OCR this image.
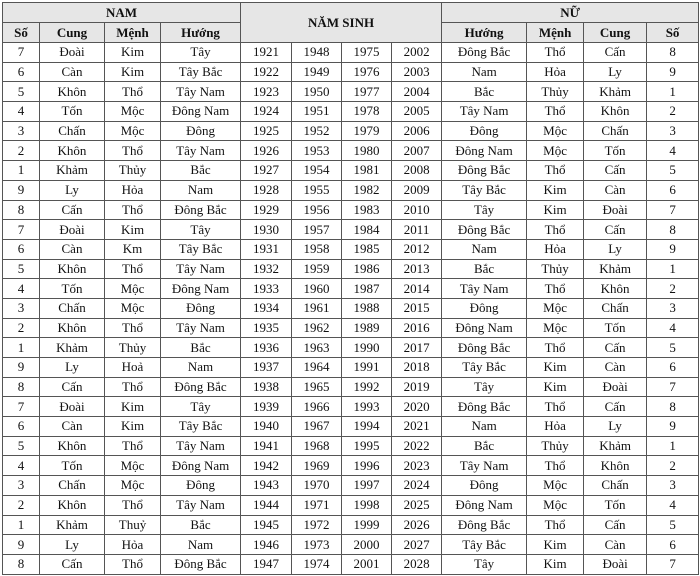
NAM				NĂM SINH				NỮ			
Số	Cung	Mệnh	Hướng					Hướng	Mệnh	Cung	Số
7	Đoài	Kim	Tây	1921	1948	1975	2002	Đông Bắc	Thổ	Cấn	8
6	Càn	Kim	Tây Bắc	1922	1949	1976	2003	Nam	Hỏa	Ly	9
5	Khôn	Thổ	Tây Nam	1923	1950	1977	2004	Bắc	Thủy	Khảm	1
4	Tốn	Mộc	Đông Nam	1924	1951	1978	2005	Tây Nam	Thổ	Khôn	2
3	Chấn	Mộc	Đông	1925	1952	1979	2006	Đông	Mộc	Chấn	3
2	Khôn	Thổ	Tây Nam	1926	1953	1980	2007	Đông Nam	Mộc	Tốn	4
1	Khảm	Thủy	Bắc	1927	1954	1981	2008	Đông Bắc	Thổ	Cấn	5
9	Ly	Hỏa	Nam	1928	1955	1982	2009	Tây Bắc	Kim	Càn	6
8	Cấn	Thổ	Đông Bắc	1929	1956	1983	2010	Tây	Kim	Đoài	7
7	Đoài	Kim	Tây	1930	1957	1984	2011	Đông Bắc	Thổ	Cấn	8
6	Càn	Km	Tây Bắc	1931	1958	1985	2012	Nam	Hỏa	Ly	9
5	Khôn	Thổ	Tây Nam	1932	1959	1986	2013	Bắc	Thủy	Khảm	1
4	Tốn	Mộc	Đông Nam	1933	1960	1987	2014	Tây Nam	Thổ	Khôn	2
3	Chấn	Mộc	Đông	1934	1961	1988	2015	Đông	Mộc	Chấn	3
2	Khôn	Thổ	Tây Nam	1935	1962	1989	2016	Đông Nam	Mộc	Tốn	4
1	Khảm	Thủy	Bắc	1936	1963	1990	2017	Đông Bắc	Thổ	Cấn	5
9	Ly	Hoả	Nam	1937	1964	1991	2018	Tây Bắc	Kim	Càn	6
8	Cấn	Thổ	Đông Bắc	1938	1965	1992	2019	Tây	Kim	Đoài	7
7	Đoài	Kim	Tây	1939	1966	1993	2020	Đông Bắc	Thổ	Cấn	8
6	Càn	Kim	Tây Bắc	1940	1967	1994	2021	Nam	Hỏa	Ly	9
5	Khôn	Thổ	Tây Nam	1941	1968	1995	2022	Bắc	Thủy	Khảm	1
4	Tốn	Mộc	Đông Nam	1942	1969	1996	2023	Tây Nam	Thổ	Khôn	2
3	Chấn	Mộc	Đông	1943	1970	1997	2024	Đông	Mộc	Chấn	3
2	Khôn	Thổ	Tây Nam	1944	1971	1998	2025	Đông Nam	Mộc	Tốn	4
1	Khảm	Thuỷ	Bắc	1945	1972	1999	2026	Đông Bắc	Thổ	Cấn	5
9	Ly	Hỏa	Nam	1946	1973	2000	2027	Tây Bắc	Kim	Càn	6
8	Cấn	Thổ	Đông Bắc	1947	1974	2001	2028	Tây	Kim	Đoài	7
